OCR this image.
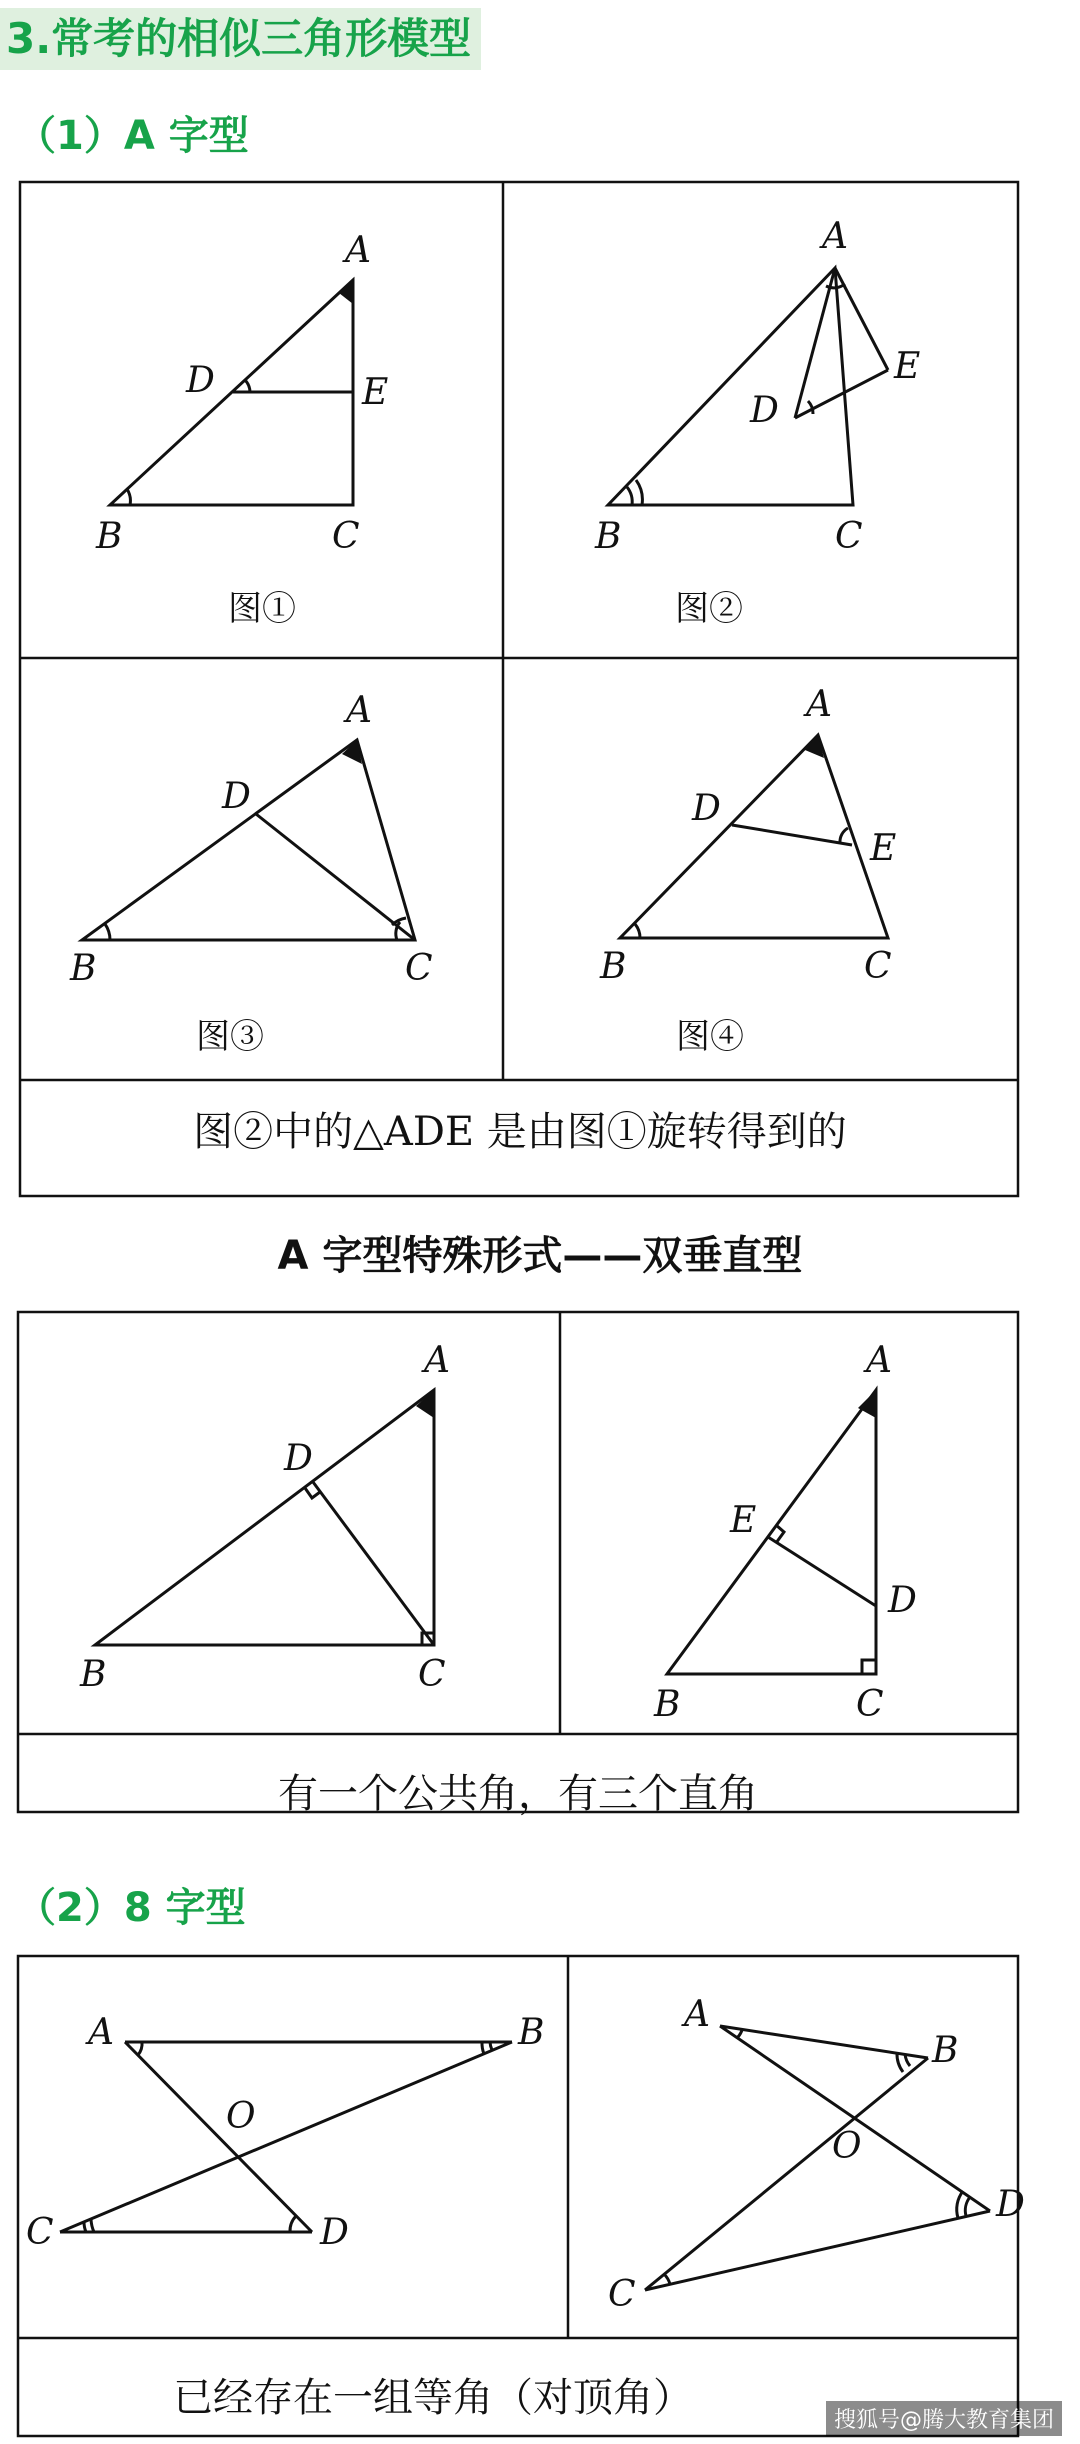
3.常考的相似三角形模型
（1）A 字型
A
D	E
B	C
图①
A
E
D
B	C
图②
A
D
B	C
图③
A
D
E
B	C
图④
图②中的△ADE 是由图①旋转得到的
A 字型特殊形式——双垂直型
A
D
B	C
A
E
D
B	C
有一个公共角，有三个直角
（2）8 字型
A	B
O
C	D
A
B
O
D
C
已经存在一组等角（对顶角）	搜狐号@腾大教育集团
